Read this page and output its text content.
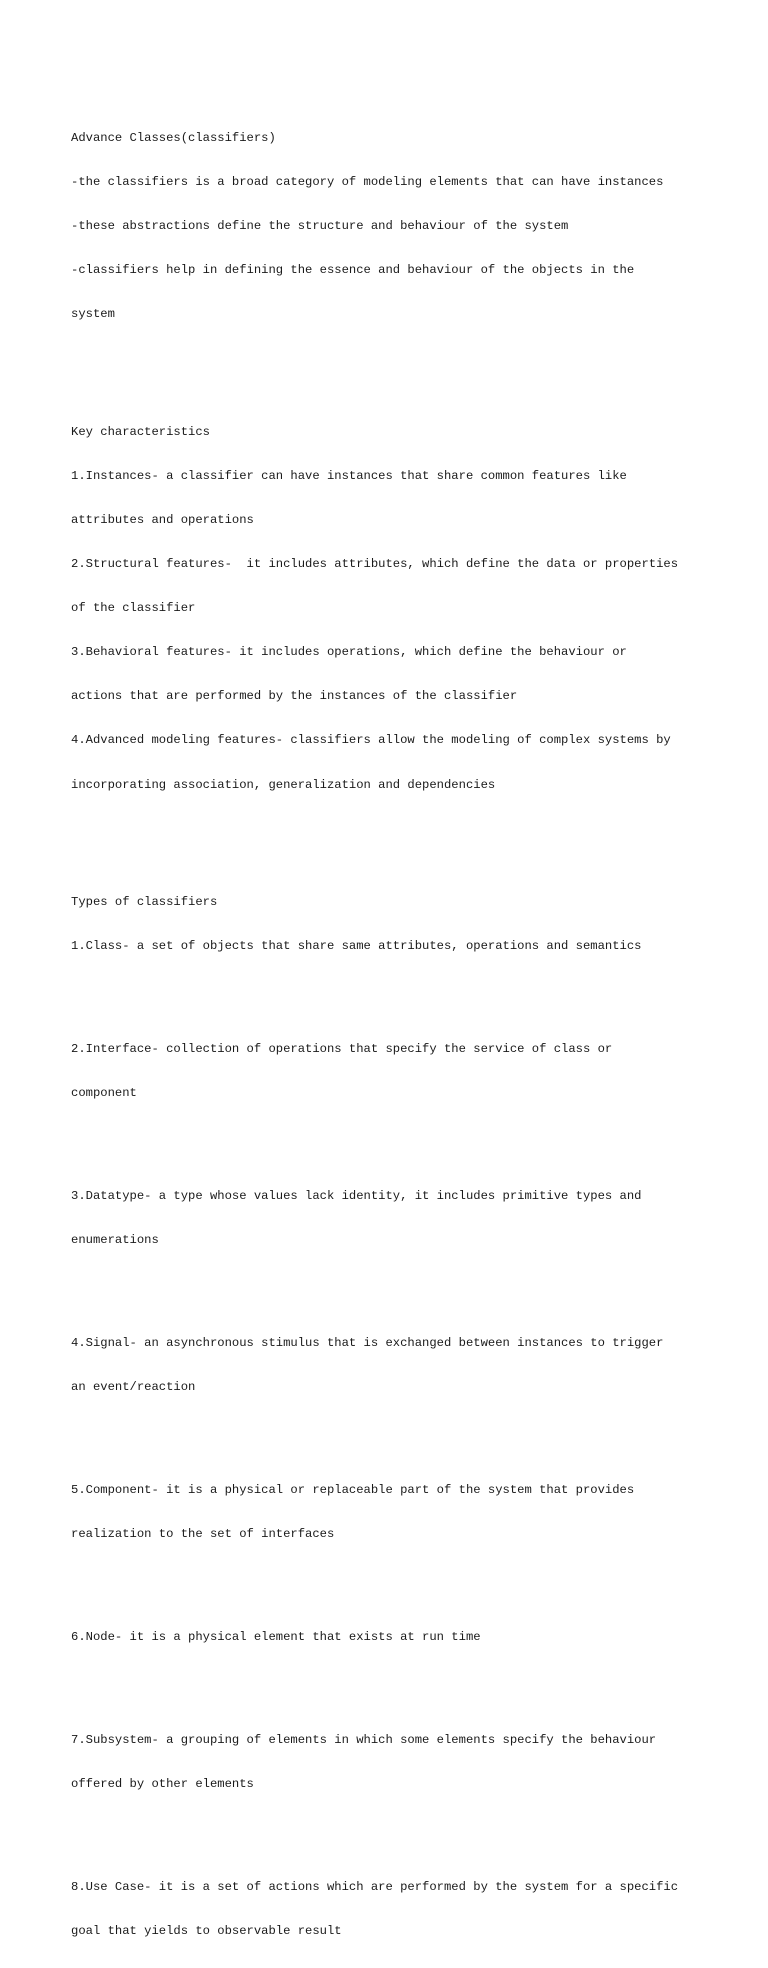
Advance Classes(classifiers)

-the classifiers is a broad category of modeling elements that can have instances

-these abstractions define the structure and behaviour of the system

-classifiers help in defining the essence and behaviour of the objects in the

system

Key characteristics

1.Instances- a classifier can have instances that share common features like

attributes and operations

2.Structural features-  it includes attributes, which define the data or properties

of the classifier

3.Behavioral features- it includes operations, which define the behaviour or

actions that are performed by the instances of the classifier

4.Advanced modeling features- classifiers allow the modeling of complex systems by

incorporating association, generalization and dependencies

Types of classifiers

1.Class- a set of objects that share same attributes, operations and semantics

2.Interface- collection of operations that specify the service of class or

component

3.Datatype- a type whose values lack identity, it includes primitive types and

enumerations

4.Signal- an asynchronous stimulus that is exchanged between instances to trigger

an event/reaction

5.Component- it is a physical or replaceable part of the system that provides

realization to the set of interfaces

6.Node- it is a physical element that exists at run time

7.Subsystem- a grouping of elements in which some elements specify the behaviour

offered by other elements

8.Use Case- it is a set of actions which are performed by the system for a specific

goal that yields to observable result
